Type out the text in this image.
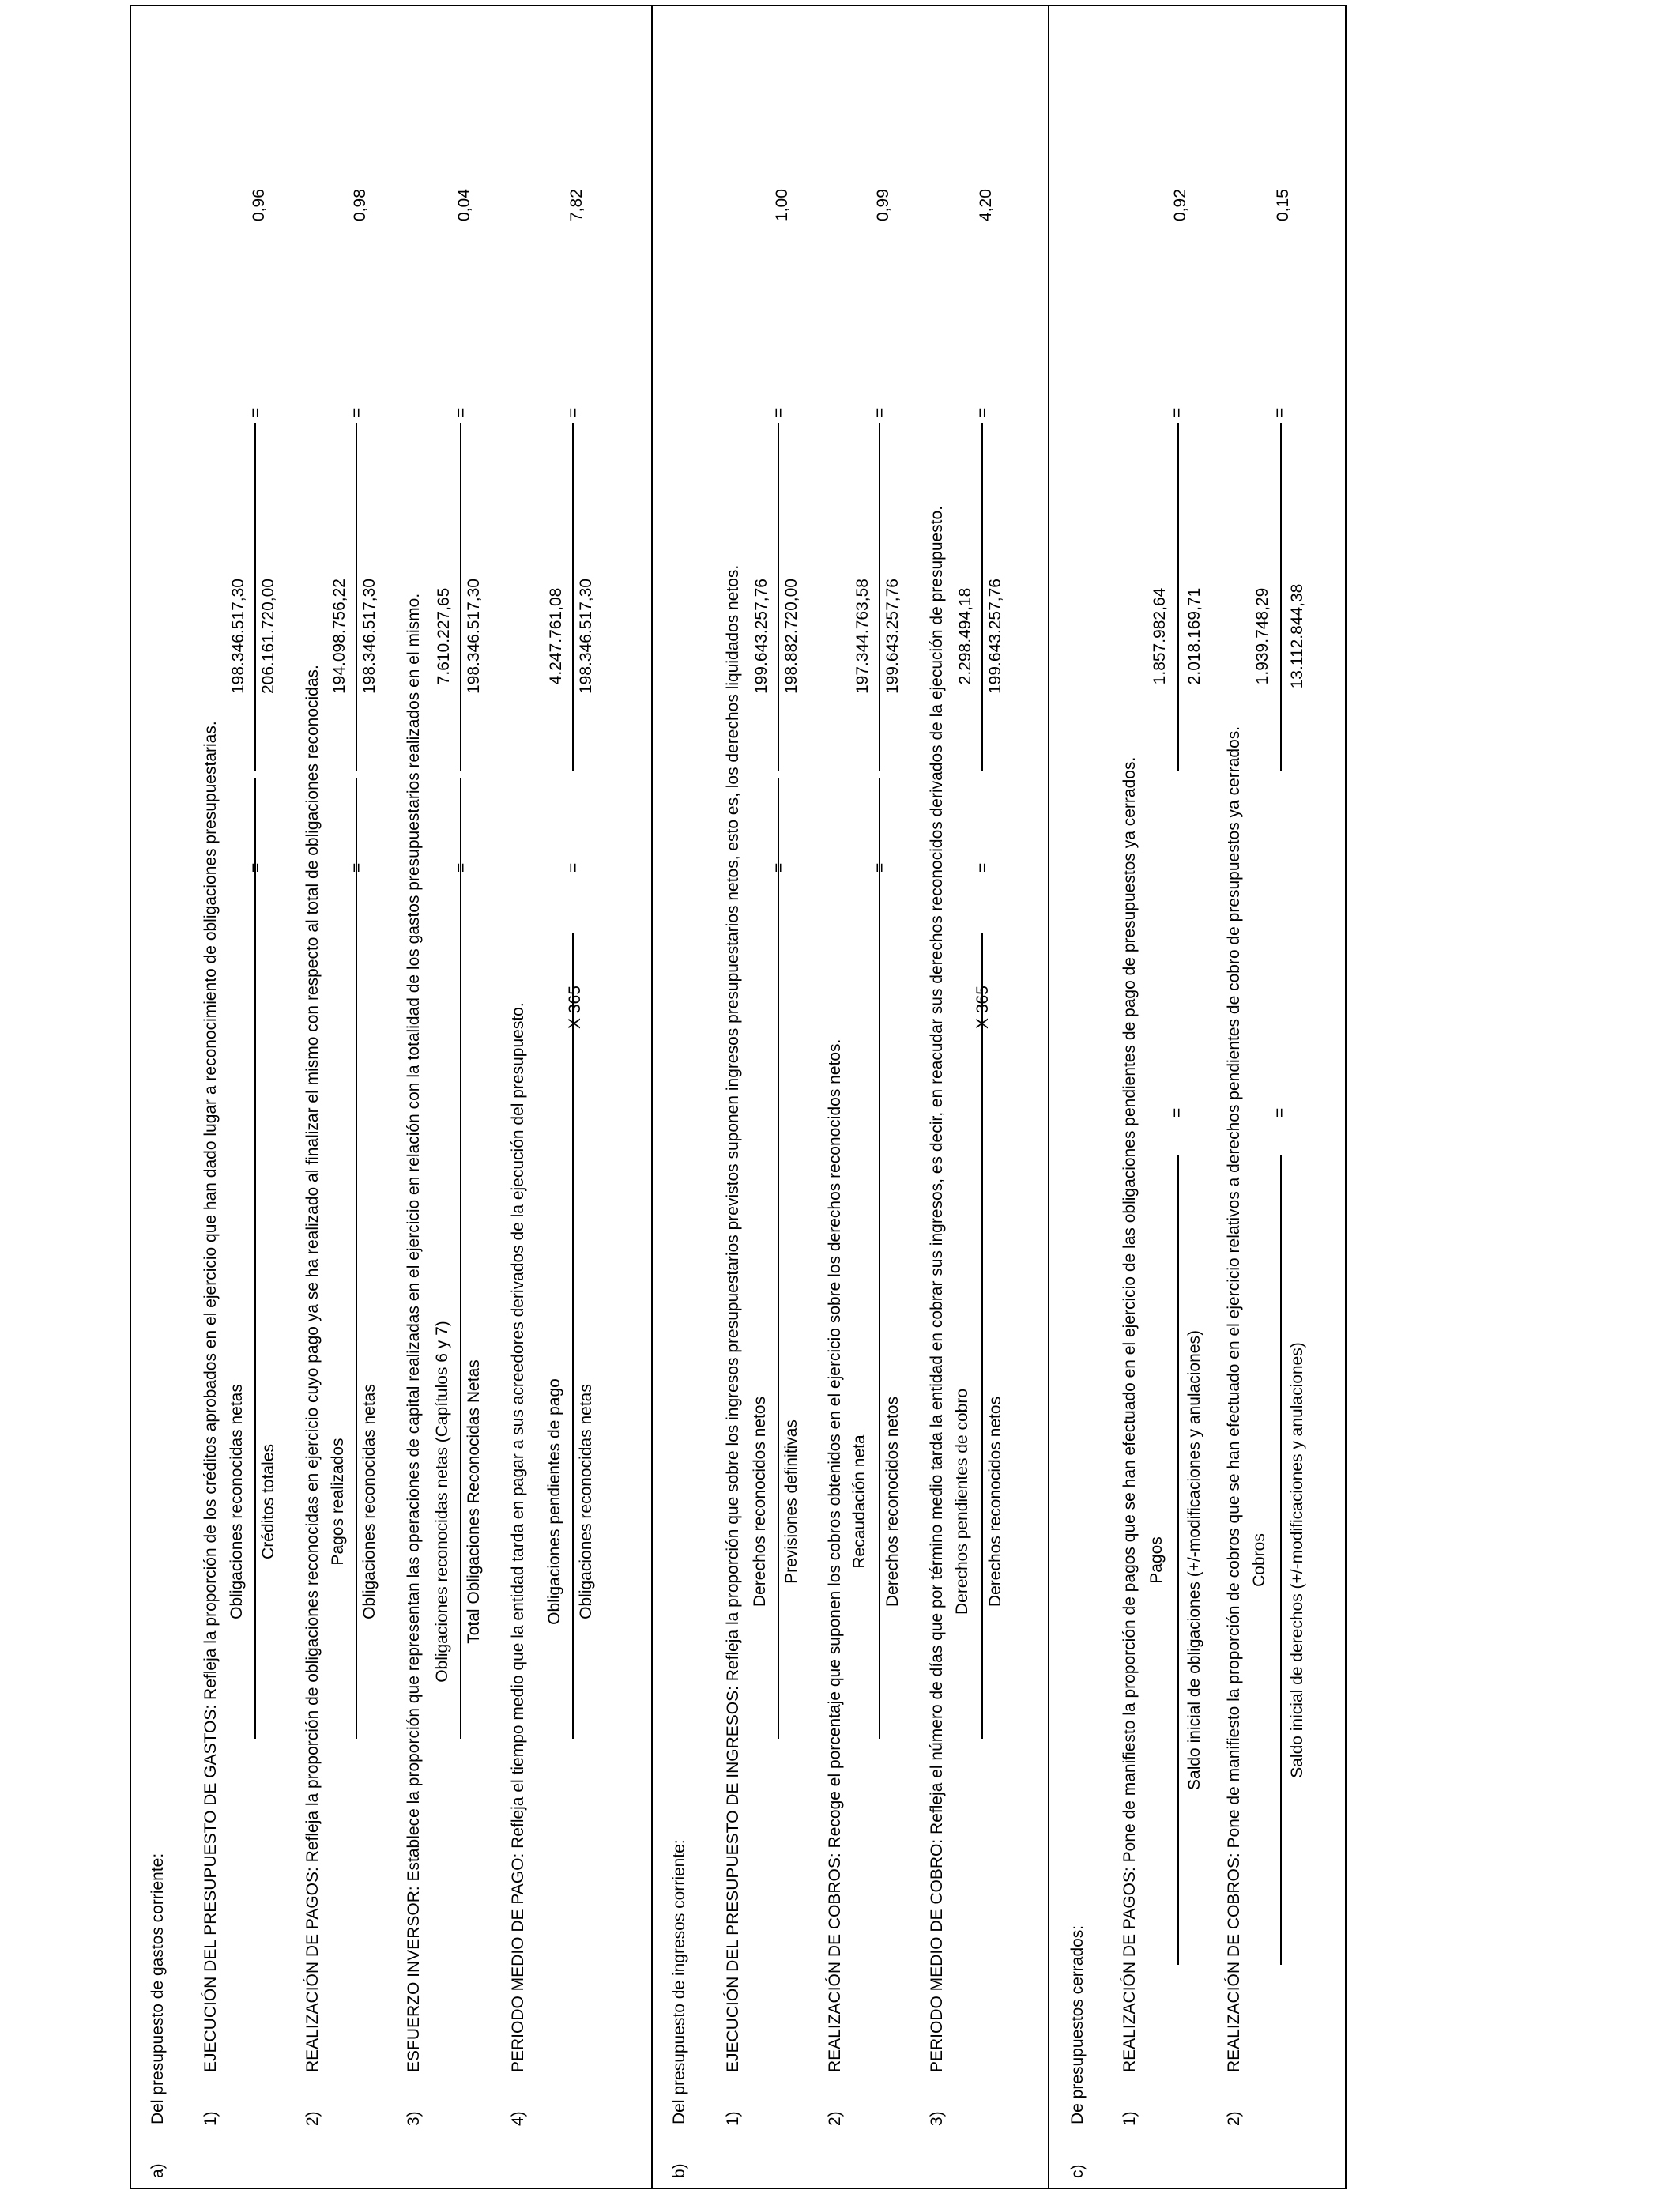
a)
Del presupuesto de gastos corriente: 1)
EJECUCIÓN DEL PRESUPUESTO DE GASTOS: Refleja la proporción de los créditos aprobados en el ejercicio que han dado lugar a reconocimiento de obligaciones presupuestarias. Obligaciones reconocidas netas Créditos totales
=
198.346.517,30 206.161.720,00
=
0,96
2)
REALIZACIÓN DE PAGOS: Refleja la proporción de obligaciones reconocidas en ejercicio cuyo pago ya se ha realizado al finalizar el mismo con respecto al total de obligaciones reconocidas. Pagos realizados Obligaciones reconocidas netas
=
194.098.756,22 198.346.517,30
=
0,98
3)
ESFUERZO INVERSOR: Establece la proporción que representan las operaciones de capital realizadas en el ejercicio en relación con la totalidad de los gastos presupuestarios realizados en el mismo. Obligaciones reconocidas netas (Capítulos 6 y 7) Total Obligaciones Reconocidas Netas
=
7.610.227,65 198.346.517,30
=
0,04
4)
PERIODO MEDIO DE PAGO: Refleja el tiempo medio que la entidad tarda en pagar a sus acreedores derivados de la ejecución del presupuesto. Obligaciones pendientes de pago Obligaciones reconocidas netas
X 365
=
4.247.761,08 198.346.517,30
=
7,82
b)
Del presupuesto de ingresos corriente: 1)
EJECUCIÓN DEL PRESUPUESTO DE INGRESOS: Refleja la proporción que sobre los ingresos presupuestarios previstos suponen ingresos presupuestarios netos, esto es, los derechos liquidados netos. Derechos reconocidos netos Previsiones definitivas
=
199.643.257,76 198.882.720,00
=
1,00
2)
REALIZACIÓN DE COBROS: Recoge el porcentaje que suponen los cobros obtenidos en el ejercicio sobre los derechos reconocidos netos. Recaudación neta Derechos reconocidos netos
=
197.344.763,58 199.643.257,76
=
0,99
3)
PERIODO MEDIO DE COBRO: Refleja el número de días que por término medio tarda la entidad en cobrar sus ingresos, es decir, en reacudar sus derechos reconocidos derivados de la ejecución de presupuesto. Derechos pendientes de cobro Derechos reconocidos netos
X 365
=
2.298.494,18 199.643.257,76
=
4,20
c)
De presupuestos cerrados: 1)
REALIZACIÓN DE PAGOS: Pone de manifiesto la proporción de pagos que se han efectuado en el ejercicio de las obligaciones pendientes de pago de presupuestos ya cerrados. Pagos Saldo inicial de obligaciones (+/-modificaciones y anulaciones)
=
1.857.982,64 2.018.169,71
=
0,92
2)
REALIZACIÓN DE COBROS: Pone de manifiesto la proporción de cobros que se han efectuado en el ejercicio relativos a derechos pendientes de cobro de presupuestos ya cerrados. Cobros Saldo inicial de derechos (+/-modificaciones y anulaciones)
=
1.939.748,29 13.112.844,38
=
0,15
